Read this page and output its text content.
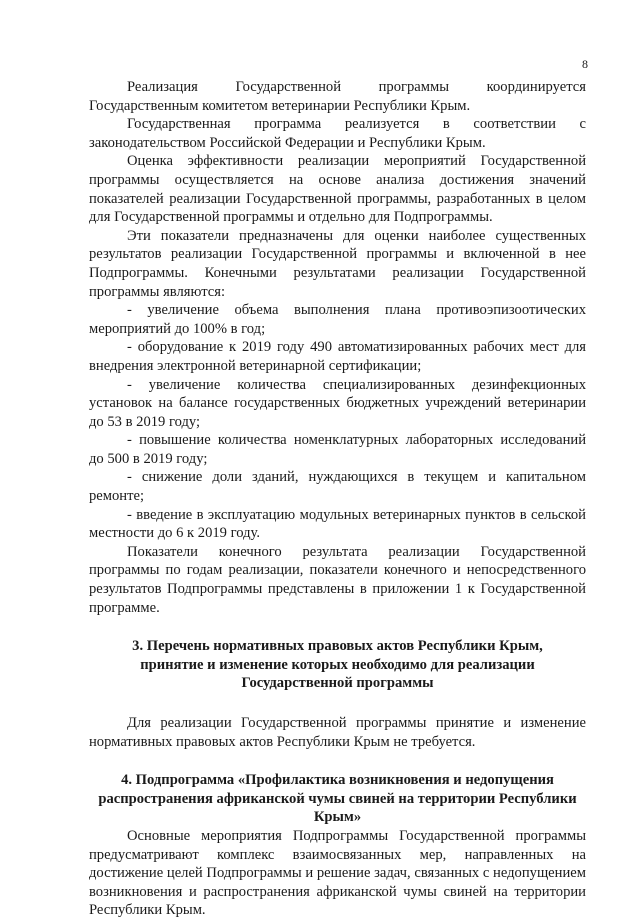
8

Реализация Государственной программы координируется Государственным комитетом ветеринарии Республики Крым.

Государственная программа реализуется в соответствии с законодательством Российской Федерации и Республики Крым.

Оценка эффективности реализации мероприятий Государственной программы осуществляется на основе анализа достижения значений показателей реализации Государственной программы, разработанных в целом для Государственной программы и отдельно для Подпрограммы.

Эти показатели предназначены для оценки наиболее существенных результатов реализации Государственной программы и включенной в нее Подпрограммы. Конечными результатами реализации Государственной программы являются:

- увеличение объема выполнения плана противоэпизоотических мероприятий до 100% в год;

- оборудование к 2019 году 490 автоматизированных рабочих мест для внедрения электронной ветеринарной сертификации;

- увеличение количества специализированных дезинфекционных установок на балансе государственных бюджетных учреждений ветеринарии до 53 в 2019 году;

- повышение количества номенклатурных лабораторных исследований до 500 в 2019 году;

- снижение доли зданий, нуждающихся в текущем и капитальном ремонте;

- введение в эксплуатацию модульных ветеринарных пунктов в сельской местности до 6 к 2019 году.

Показатели конечного результата реализации Государственной программы по годам реализации, показатели конечного и непосредственного результатов Подпрограммы представлены в приложении 1 к Государственной программе.

3. Перечень нормативных правовых актов Республики Крым,
принятие и изменение которых необходимо для реализации
Государственной программы

Для реализации Государственной программы принятие и изменение нормативных правовых актов Республики Крым не требуется.

4. Подпрограмма «Профилактика возникновения и недопущения
распространения африканской чумы свиней на территории Республики
Крым»

Основные мероприятия Подпрограммы Государственной программы предусматривают комплекс взаимосвязанных мер, направленных на достижение целей Подпрограммы и решение задач, связанных с недопущением возникновения и распространения африканской чумы свиней на территории Республики Крым.
